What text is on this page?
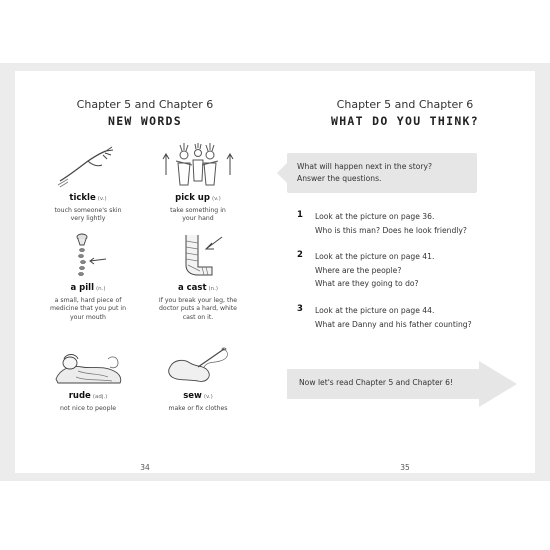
Chapter 5 and Chapter 6
NEW WORDS
tickle (v.)
touch someone's skin
very lightly
pick up (v.)
take something in
your hand
a pill (n.)
a small, hard piece of
medicine that you put in
your mouth
a cast (n.)
If you break your leg, the
doctor puts a hard, white
cast on it.
rude (adj.)
not nice to people
sew (v.)
make or fix clothes
34
Chapter 5 and Chapter 6
WHAT DO YOU THINK?
What will happen next in the story?
Answer the questions.
1 Look at the picture on page 36.
Who is this man? Does he look friendly?
2 Look at the picture on page 41.
Where are the people?
What are they going to do?
3 Look at the picture on page 44.
What are Danny and his father counting?
Now let's read Chapter 5 and Chapter 6!
35
